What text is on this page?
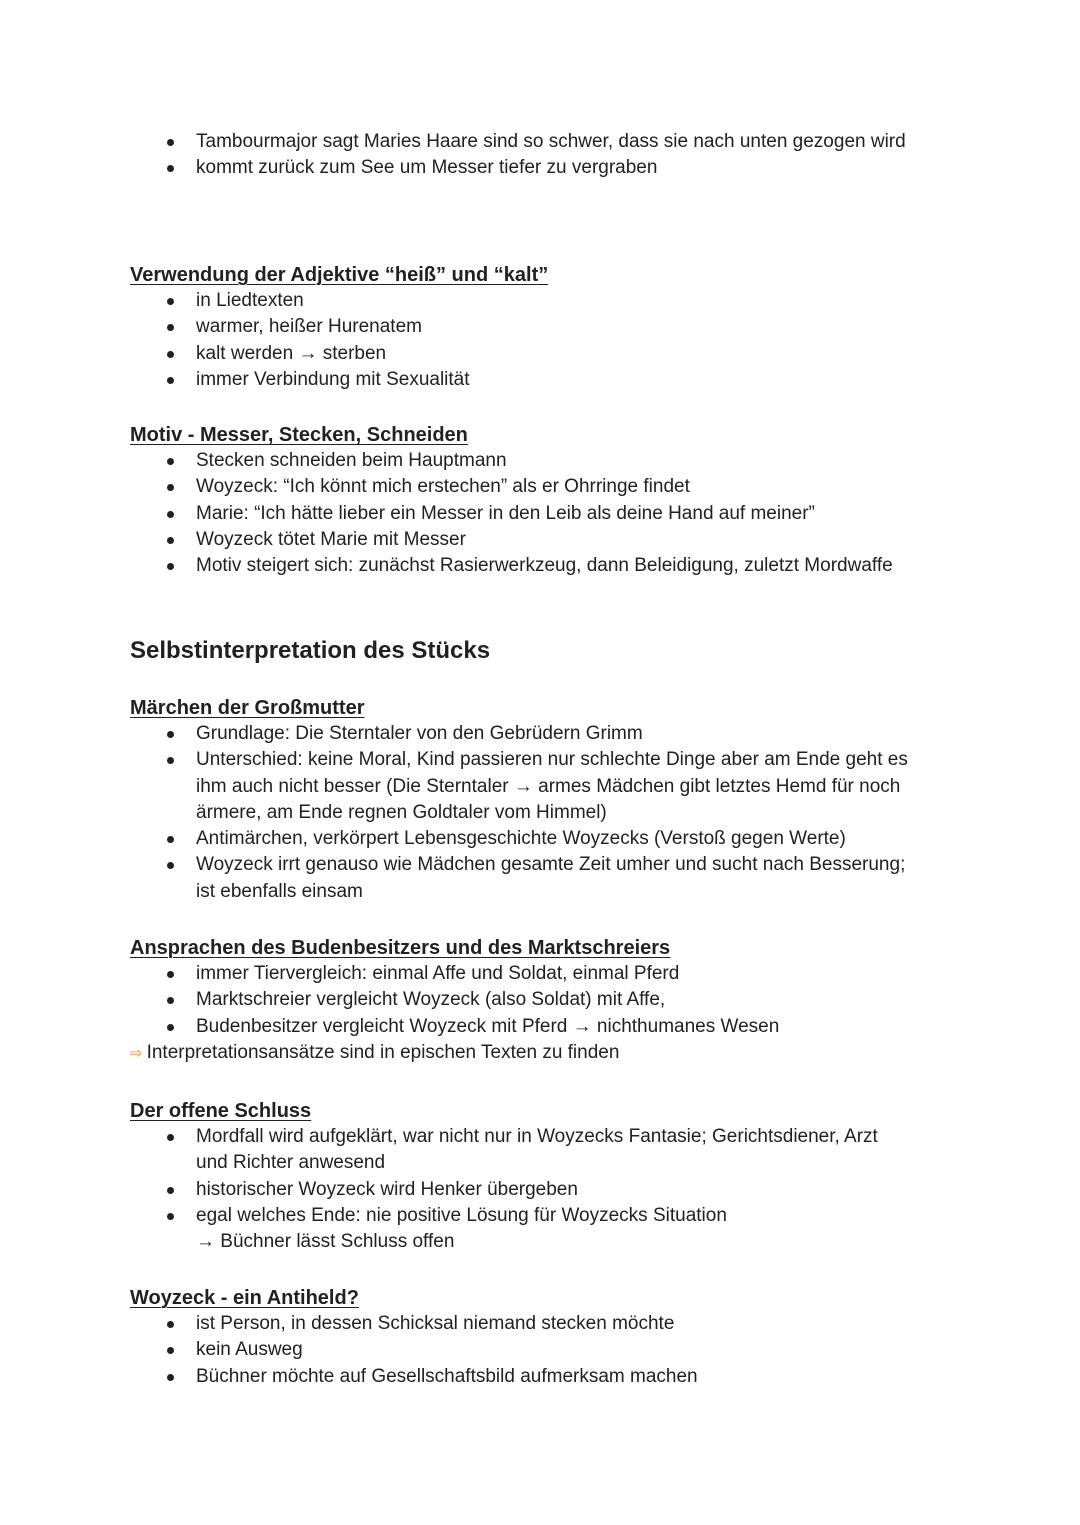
Tambourmajor sagt Maries Haare sind so schwer, dass sie nach unten gezogen wird
kommt zurück zum See um Messer tiefer zu vergraben
Verwendung der Adjektive “heiß” und “kalt”
in Liedtexten
warmer, heißer Hurenatem
kalt werden → sterben
immer Verbindung mit Sexualität
Motiv - Messer, Stecken, Schneiden
Stecken schneiden beim Hauptmann
Woyzeck: “Ich könnt mich erstechen” als er Ohrringe findet
Marie: “Ich hätte lieber ein Messer in den Leib als deine Hand auf meiner”
Woyzeck tötet Marie mit Messer
Motiv steigert sich: zunächst Rasierwerkzeug, dann Beleidigung, zuletzt Mordwaffe
Selbstinterpretation des Stücks
Märchen der Großmutter
Grundlage: Die Sterntaler von den Gebrüdern Grimm
Unterschied: keine Moral, Kind passieren nur schlechte Dinge aber am Ende geht es
ihm auch nicht besser (Die Sterntaler → armes Mädchen gibt letztes Hemd für noch
ärmere, am Ende regnen Goldtaler vom Himmel)
Antimärchen, verkörpert Lebensgeschichte Woyzecks (Verstoß gegen Werte)
Woyzeck irrt genauso wie Mädchen gesamte Zeit umher und sucht nach Besserung;
ist ebenfalls einsam
Ansprachen des Budenbesitzers und des Marktschreiers
immer Tiervergleich: einmal Affe und Soldat, einmal Pferd
Marktschreier vergleicht Woyzeck (also Soldat) mit Affe,
Budenbesitzer vergleicht Woyzeck mit Pferd → nichthumanes Wesen
⇨ Interpretationsansätze sind in epischen Texten zu finden
Der offene Schluss
Mordfall wird aufgeklärt, war nicht nur in Woyzecks Fantasie; Gerichtsdiener, Arzt
und Richter anwesend
historischer Woyzeck wird Henker übergeben
egal welches Ende: nie positive Lösung für Woyzecks Situation
→ Büchner lässt Schluss offen
Woyzeck - ein Antiheld?
ist Person, in dessen Schicksal niemand stecken möchte
kein Ausweg
Büchner möchte auf Gesellschaftsbild aufmerksam machen
